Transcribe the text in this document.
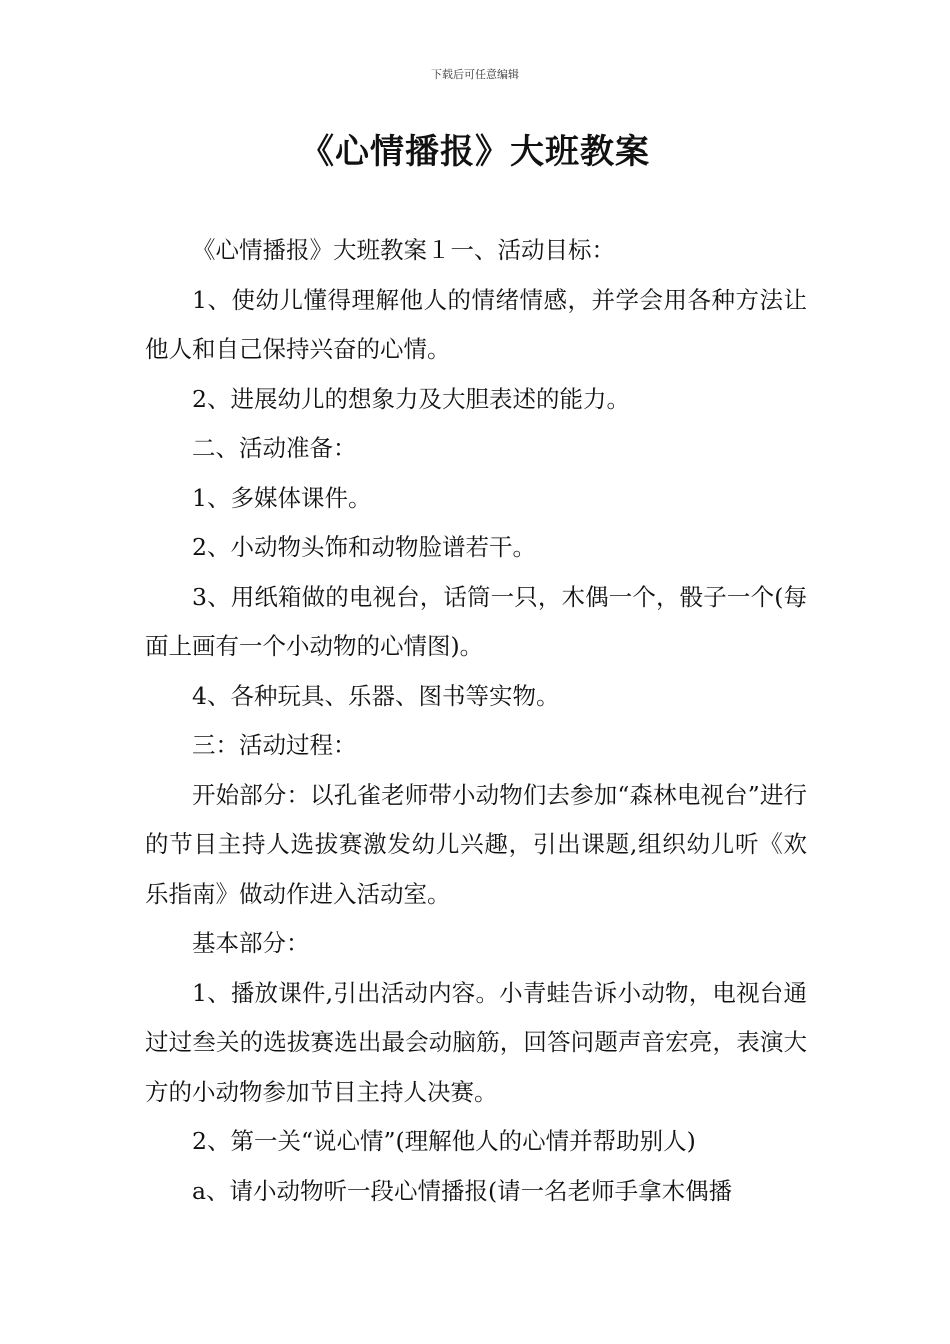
下载后可任意编辑
《心情播报》大班教案

《心情播报》大班教案１一、活动目标：

1、使幼儿懂得理解他人的情绪情感，并学会用各种方法让他人和自己保持兴奋的心情。

2、进展幼儿的想象力及大胆表述的能力。

二、活动准备：

1、多媒体课件。

2、小动物头饰和动物脸谱若干。

3、用纸箱做的电视台，话筒一只，木偶一个，骰子一个(每面上画有一个小动物的心情图)。

4、各种玩具、乐器、图书等实物。

三：活动过程：

开始部分：以孔雀老师带小动物们去参加“森林电视台”进行的节目主持人选拔赛激发幼儿兴趣，引出课题,组织幼儿听《欢乐指南》做动作进入活动室。

基本部分：

1、播放课件,引出活动内容。小青蛙告诉小动物，电视台通过过叁关的选拔赛选出最会动脑筋，回答问题声音宏亮，表演大方的小动物参加节目主持人决赛。

2、第一关“说心情”(理解他人的心情并帮助别人)

a、请小动物听一段心情播报(请一名老师手拿木偶播
